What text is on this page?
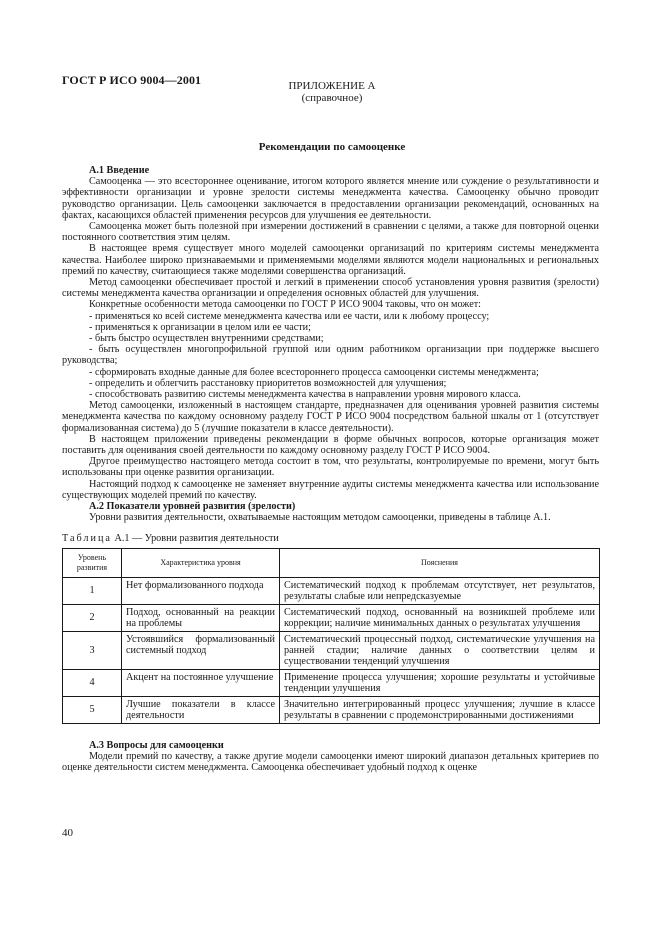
ГОСТ Р ИСО 9004—2001	ПРИЛОЖЕНИЕ А
(справочное)
Рекомендации по самооценке

А.1 Введение

Самооценка — это всестороннее оценивание, итогом которого является мнение или суждение о результативности и эффективности организации и уровне зрелости системы менеджмента качества. Самооценку обычно проводит руководство организации. Цель самооценки заключается в предоставлении организации рекомендаций, основанных на фактах, касающихся областей применения ресурсов для улучшения ее деятельности.

Самооценка может быть полезной при измерении достижений в сравнении с целями, а также для повторной оценки постоянного соответствия этим целям.

В настоящее время существует много моделей самооценки организаций по критериям системы менеджмента качества. Наиболее широко признаваемыми и применяемыми моделями являются модели национальных и региональных премий по качеству, считающиеся также моделями совершенства организаций.

Метод самооценки обеспечивает простой и легкий в применении способ установления уровня развития (зрелости) системы менеджмента качества организации и определения основных областей для улучшения.

Конкретные особенности метода самооценки по ГОСТ Р ИСО 9004 таковы, что он может:

- применяться ко всей системе менеджмента качества или ее части, или к любому процессу;

- применяться к организации в целом или ее части;

- быть быстро осуществлен внутренними средствами;

- быть осуществлен многопрофильной группой или одним работником организации при поддержке высшего руководства;

- сформировать входные данные для более всестороннего процесса самооценки системы менеджмента;

- определить и облегчить расстановку приоритетов возможностей для улучшения;

- способствовать развитию системы менеджмента качества в направлении уровня мирового класса.

Метод самооценки, изложенный в настоящем стандарте, предназначен для оценивания уровней развития системы менеджмента качества по каждому основному разделу ГОСТ Р ИСО 9004 посредством бальной шкалы от 1 (отсутствует формализованная система) до 5 (лучшие показатели в классе деятельности).

В настоящем приложении приведены рекомендации в форме обычных вопросов, которые организация может поставить для оценивания своей деятельности по каждому основному разделу ГОСТ Р ИСО 9004.

Другое преимущество настоящего метода состоит в том, что результаты, контролируемые по времени, могут быть использованы при оценке развития организации.

Настоящий подход к самооценке не заменяет внутренние аудиты системы менеджмента качества или использование существующих моделей премий по качеству.

А.2 Показатели уровней развития (зрелости)

Уровни развития деятельности, охватываемые настоящим методом самооценки, приведены в таблице А.1.

Таблица А.1 — Уровни развития деятельности
Уровень развития	Характеристика уровня	Пояснения
1	Нет формализованного подхода	Систематический подход к проблемам отсутствует, нет результатов, результаты слабые или непредсказуемые
2	Подход, основанный на реакции на проблемы	Систематический подход, основанный на возникшей проблеме или коррекции; наличие минимальных данных о результатах улучшения
3	Устоявшийся формализованный системный подход	Систематический процессный подход, систематические улучшения на ранней стадии; наличие данных о соответствии целям и существовании тенденций улучшения
4	Акцент на постоянное улучшение	Применение процесса улучшения; хорошие результаты и устойчивые тенденции улучшения
5	Лучшие показатели в классе деятельности	Значительно интегрированный процесс улучшения; лучшие в классе результаты в сравнении с продемонстрированными достижениями

А.3 Вопросы для самооценки

Модели премий по качеству, а также другие модели самооценки имеют широкий диапазон детальных критериев по оценке деятельности систем менеджмента. Самооценка обеспечивает удобный подход к оценке

40
